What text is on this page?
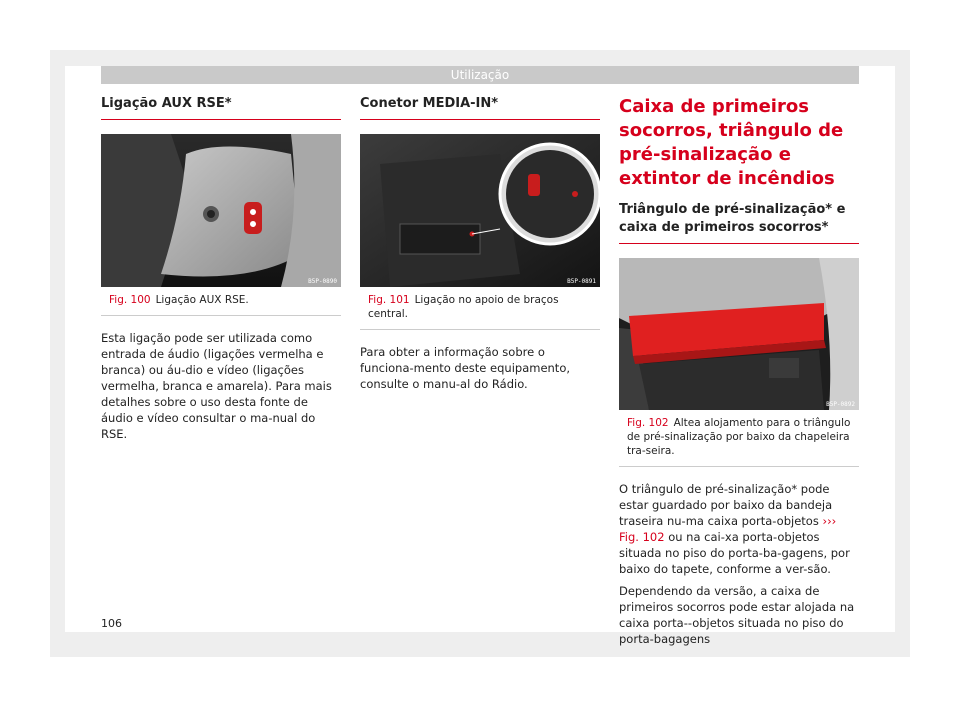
Utilização
Ligação AUX RSE*
B5P-0890
Fig. 100 Ligação AUX RSE.

Esta ligação pode ser utilizada como entrada de áudio (ligações vermelha e branca) ou áu-dio e vídeo (ligações vermelha, branca e amarela). Para mais detalhes sobre o uso desta fonte de áudio e vídeo consultar o ma-nual do RSE.

Conetor MEDIA-IN*
B5P-0891
Fig. 101 Ligação no apoio de braços central.

Para obter a informação sobre o funciona-mento deste equipamento, consulte o manu-al do Rádio.

Caixa de primeiros socorros, triângulo de pré-sinalização e extintor de incêndios
Triângulo de pré-sinalização* e caixa de primeiros socorros*
B5P-0892
Fig. 102 Altea alojamento para o triângulo de pré-sinalização por baixo da chapeleira tra-seira.

O triângulo de pré-sinalização* pode estar guardado por baixo da bandeja traseira nu-ma caixa porta-objetos ››› Fig. 102 ou na cai-xa porta-objetos situada no piso do porta-ba-gagens, por baixo do tapete, conforme a ver-são.

Dependendo da versão, a caixa de primeiros socorros pode estar alojada na caixa porta--objetos situada no piso do porta-bagagens

106
